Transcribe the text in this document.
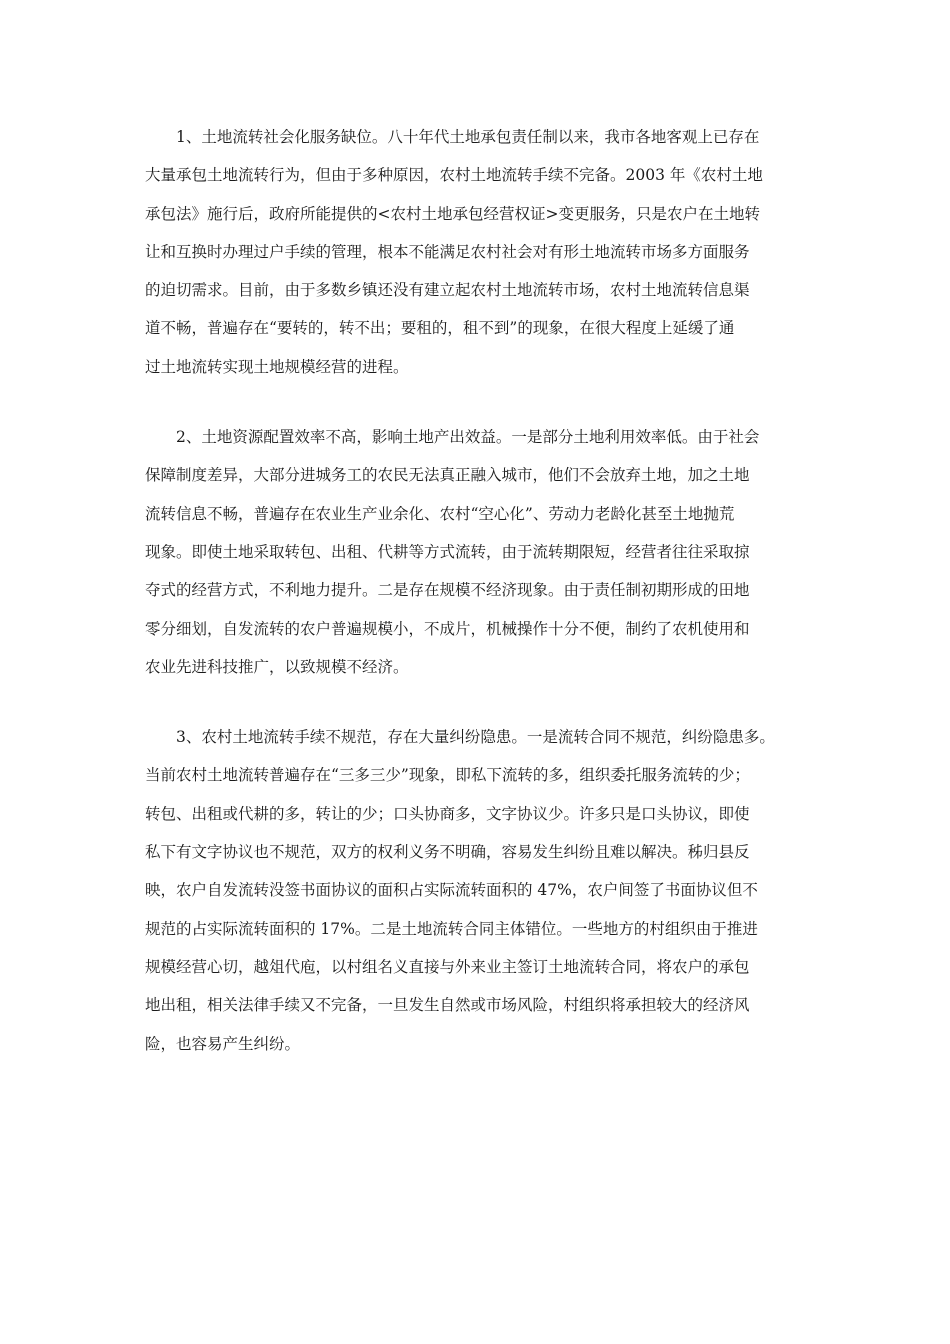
1、土地流转社会化服务缺位。八十年代土地承包责任制以来，我市各地客观上已存在
大量承包土地流转行为，但由于多种原因，农村土地流转手续不完备。2003 年《农村土地
承包法》施行后，政府所能提供的<农村土地承包经营权证>变更服务，只是农户在土地转
让和互换时办理过户手续的管理，根本不能满足农村社会对有形土地流转市场多方面服务
的迫切需求。目前，由于多数乡镇还没有建立起农村土地流转市场，农村土地流转信息渠
道不畅，普遍存在“要转的，转不出；要租的，租不到”的现象，在很大程度上延缓了通
过土地流转实现土地规模经营的进程。

2、土地资源配置效率不高，影响土地产出效益。一是部分土地利用效率低。由于社会
保障制度差异，大部分进城务工的农民无法真正融入城市，他们不会放弃土地，加之土地
流转信息不畅，普遍存在农业生产业余化、农村“空心化”、劳动力老龄化甚至土地抛荒
现象。即使土地采取转包、出租、代耕等方式流转，由于流转期限短，经营者往往采取掠
夺式的经营方式，不利地力提升。二是存在规模不经济现象。由于责任制初期形成的田地
零分细划，自发流转的农户普遍规模小，不成片，机械操作十分不便，制约了农机使用和
农业先进科技推广，以致规模不经济。

3、农村土地流转手续不规范，存在大量纠纷隐患。一是流转合同不规范，纠纷隐患多。
当前农村土地流转普遍存在“三多三少”现象，即私下流转的多，组织委托服务流转的少；
转包、出租或代耕的多，转让的少；口头协商多，文字协议少。许多只是口头协议，即使
私下有文字协议也不规范，双方的权利义务不明确，容易发生纠纷且难以解决。秭归县反
映，农户自发流转没签书面协议的面积占实际流转面积的 47%，农户间签了书面协议但不
规范的占实际流转面积的 17%。二是土地流转合同主体错位。一些地方的村组织由于推进
规模经营心切，越俎代庖，以村组名义直接与外来业主签订土地流转合同，将农户的承包
地出租，相关法律手续又不完备，一旦发生自然或市场风险，村组织将承担较大的经济风
险，也容易产生纠纷。
